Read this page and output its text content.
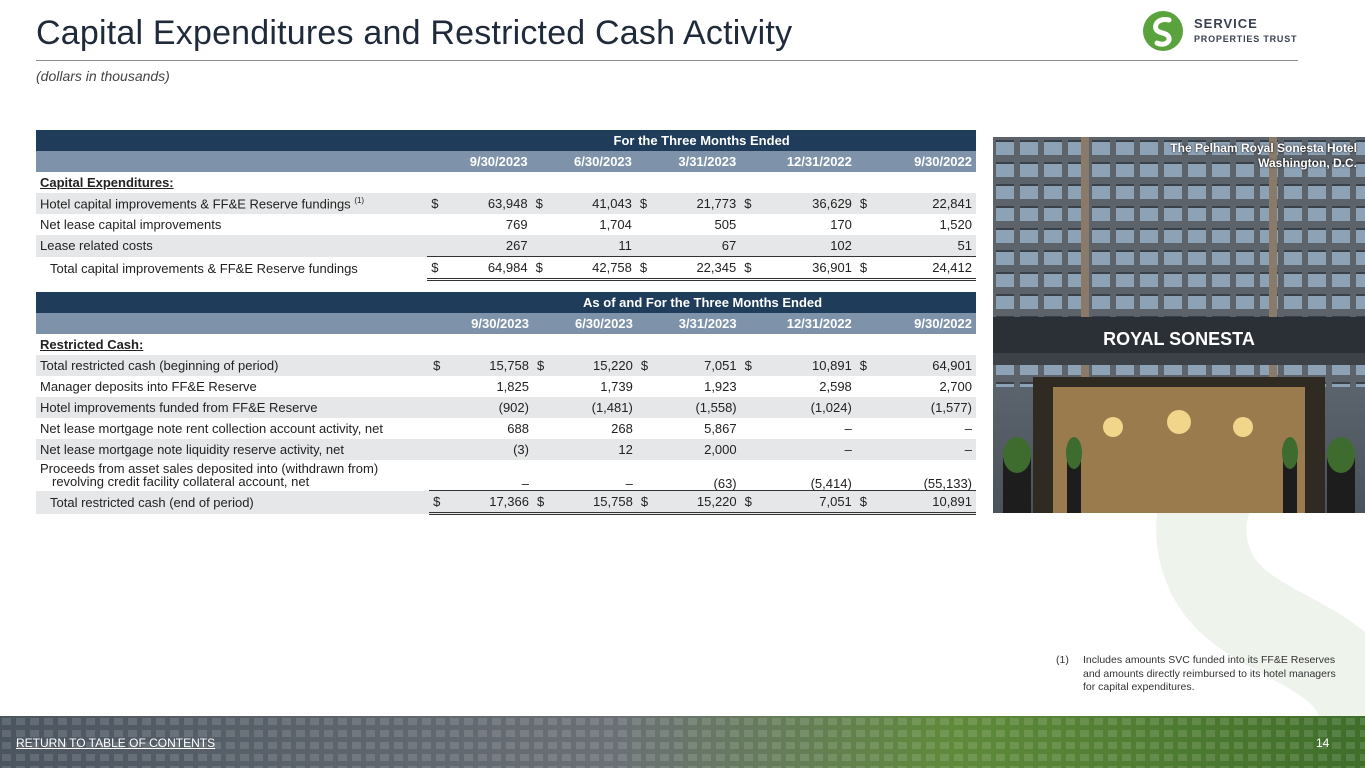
Capital Expenditures and Restricted Cash Activity
(dollars in thousands)
SERVICE
PROPERTIES TRUST
	For the Three Months Ended									
	9/30/2023		6/30/2023		3/31/2023		12/31/2022		9/30/2022	
Capital Expenditures:										
Hotel capital improvements & FF&E Reserve fundings $^{(1)}$	$	63,948	$	41,043	$	21,773	$	36,629	$	22,841
Net lease capital improvements		769		1,704		505		170		1,520
Lease related costs		267		11		67		102		51
Total capital improvements & FF&E Reserve fundings	$	64,984	$	42,758	$	22,345	$	36,901	$	24,412
	As of and For the Three Months Ended									
	9/30/2023		6/30/2023		3/31/2023		12/31/2022		9/30/2022	
Restricted Cash:										
Total restricted cash (beginning of period)	$	15,758	$	15,220	$	7,051	$	10,891	$	64,901
Manager deposits into FF&E Reserve		1,825		1,739		1,923		2,598		2,700
Hotel improvements funded from FF&E Reserve		(902)		(1,481)		(1,558)		(1,024)		(1,577)
Net lease mortgage note rent collection account activity, net		688		268		5,867		–		–
Net lease mortgage note liquidity reserve activity, net		(3)		12		2,000		–		–

Proceeds from asset sales deposited into (withdrawn from)
revolving credit facility collateral account, net		–		–		(63)		(5,414)		(55,133)
Total restricted cash (end of period)	$	17,366	$	15,758	$	15,220	$	7,051	$	10,891
ROYAL SONESTA
The Pelham Royal Sonesta Hotel
Washington, D.C.
(1) Includes amounts SVC funded into its FF&E Reserves and amounts directly reimbursed to its hotel managers for capital expenditures.
RETURN TO TABLE OF CONTENTS	14
